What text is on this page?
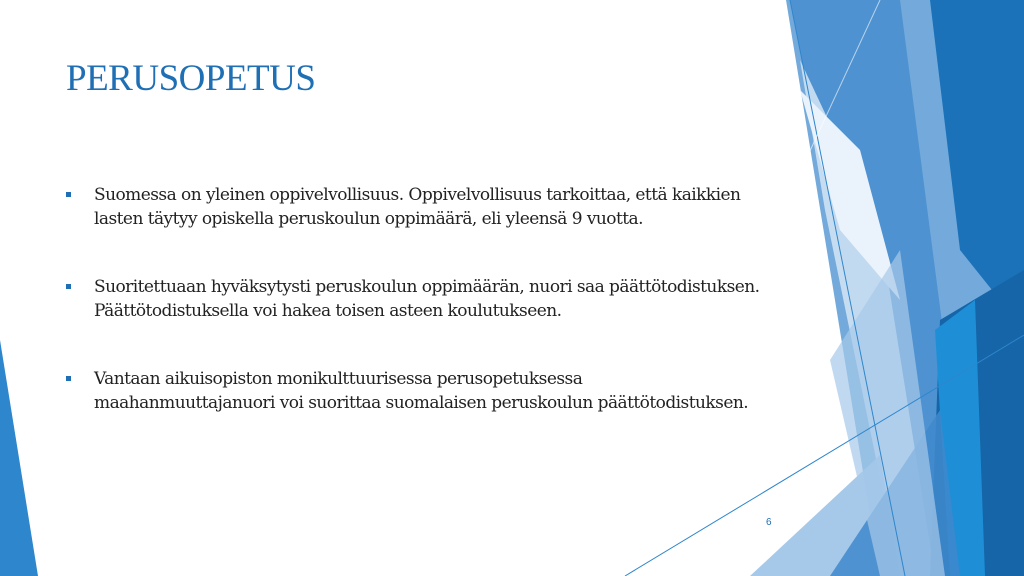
PERUSOPETUS
Suomessa on yleinen oppivelvollisuus. Oppivelvollisuus tarkoittaa, että kaikkien lasten täytyy opiskella peruskoulun oppimäärä, eli yleensä 9 vuotta.
Suoritettuaan hyväksytysti peruskoulun oppimäärän, nuori saa päättötodistuksen. Päättötodistuksella voi hakea toisen asteen koulutukseen.
Vantaan aikuisopiston monikulttuurisessa perusopetuksessa maahanmuuttajanuori voi suorittaa suomalaisen peruskoulun päättötodistuksen.
6
